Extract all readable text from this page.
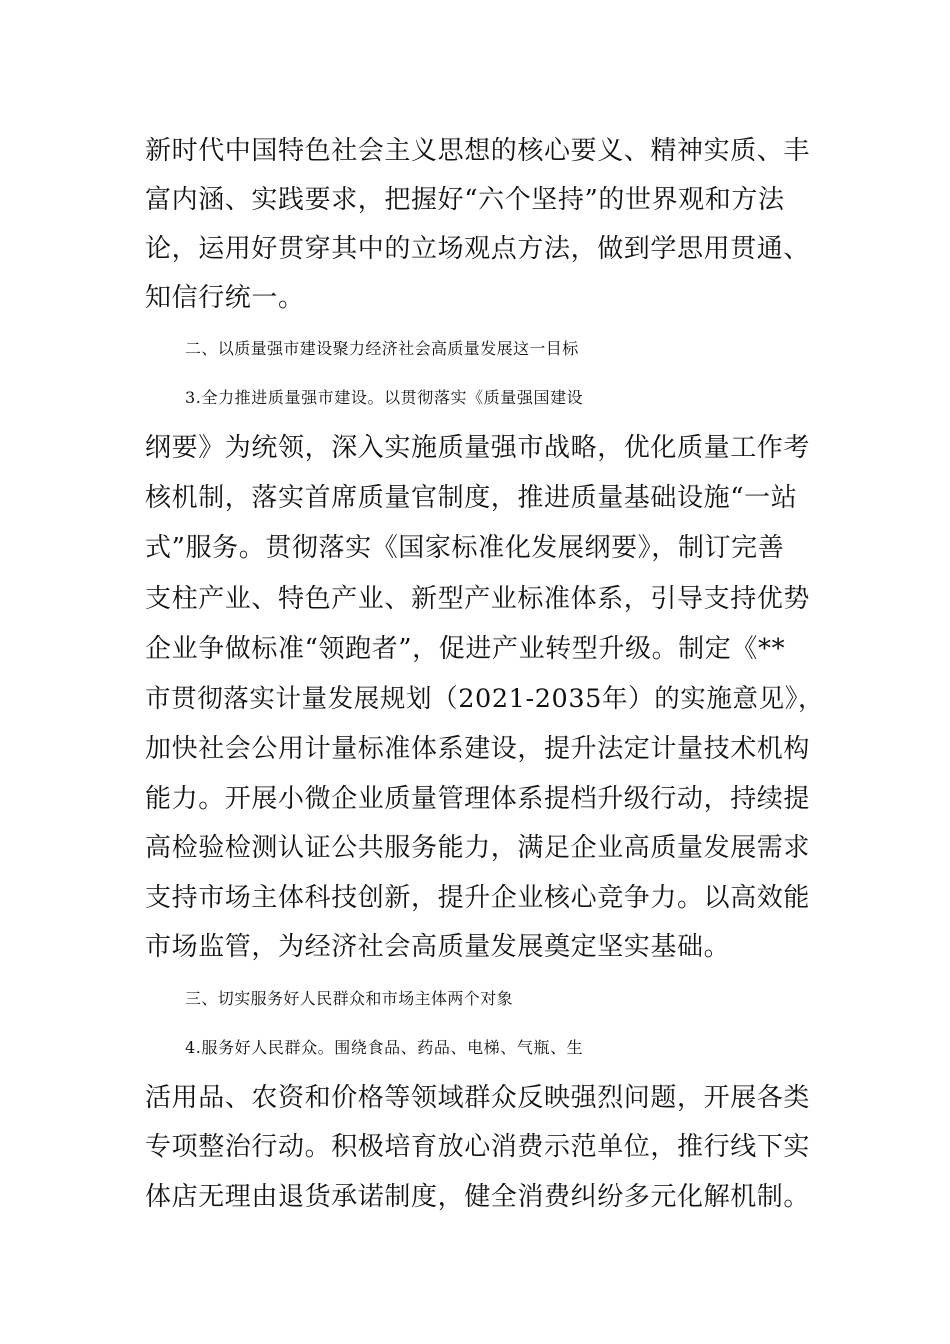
新时代中国特色社会主义思想的核心要义、精神实质、丰
富内涵、实践要求，把握好“六个坚持”的世界观和方法
论，运用好贯穿其中的立场观点方法，做到学思用贯通、
知信行统一。
二、以质量强市建设聚力经济社会高质量发展这一目标
3.全力推进质量强市建设。以贯彻落实《质量强国建设
纲要》为统领，深入实施质量强市战略，优化质量工作考
核机制，落实首席质量官制度，推进质量基础设施“一站
式”服务。贯彻落实《国家标准化发展纲要》，制订完善
支柱产业、特色产业、新型产业标准体系，引导支持优势
企业争做标准“领跑者”，促进产业转型升级。制定《**
市贯彻落实计量发展规划（2021-2035年）的实施意见》，
加快社会公用计量标准体系建设，提升法定计量技术机构
能力。开展小微企业质量管理体系提档升级行动，持续提
高检验检测认证公共服务能力，满足企业高质量发展需求
支持市场主体科技创新，提升企业核心竞争力。以高效能
市场监管，为经济社会高质量发展奠定坚实基础。
三、切实服务好人民群众和市场主体两个对象
4.服务好人民群众。围绕食品、药品、电梯、气瓶、生
活用品、农资和价格等领域群众反映强烈问题，开展各类
专项整治行动。积极培育放心消费示范单位，推行线下实
体店无理由退货承诺制度，健全消费纠纷多元化解机制。
